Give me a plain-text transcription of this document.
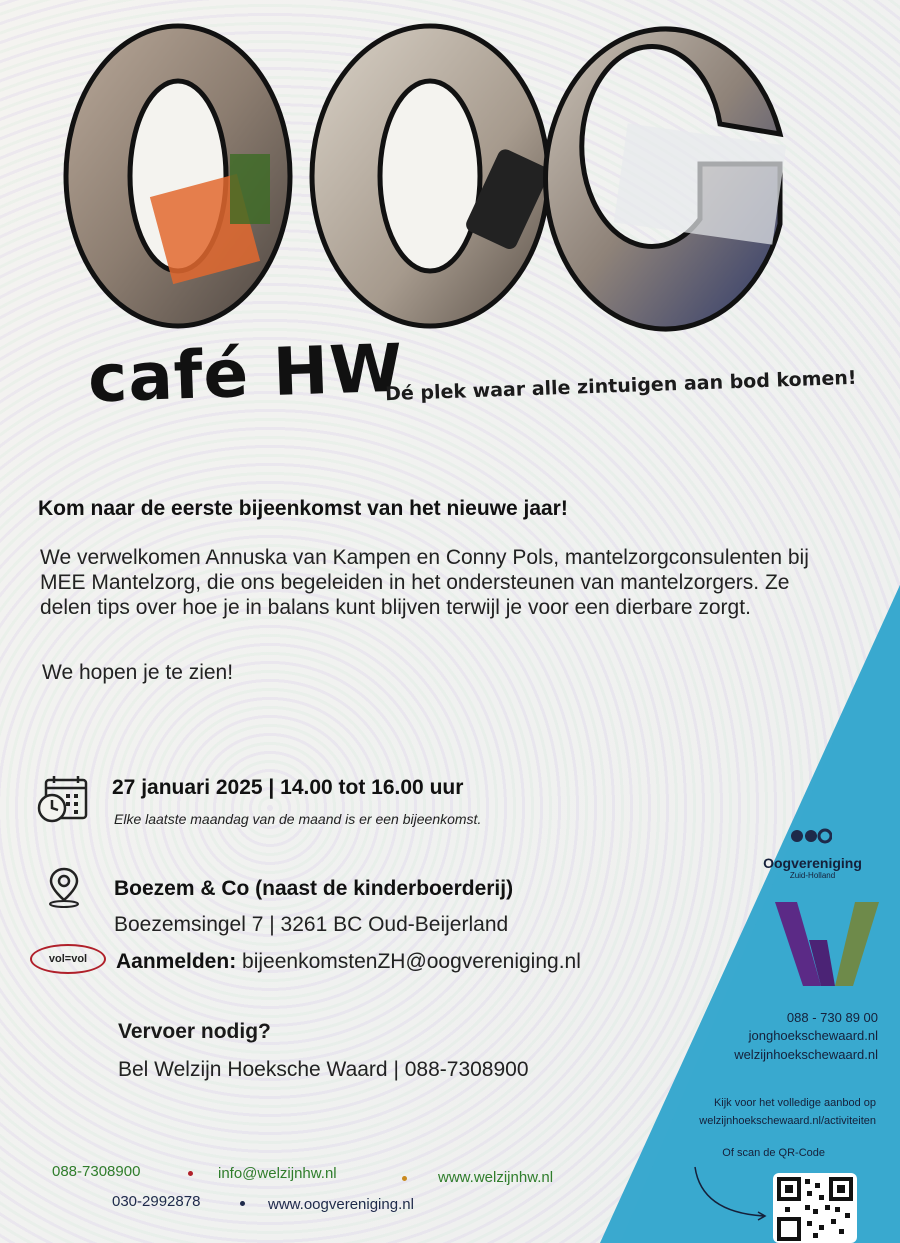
café HW
Dé plek waar alle zintuigen aan bod komen!
Kom naar de eerste bijeenkomst van het nieuwe jaar!
We verwelkomen Annuska van Kampen en Conny Pols, mantelzorgconsulenten bij MEE Mantelzorg, die ons begeleiden in het ondersteunen van mantelzorgers. Ze delen tips over hoe je in balans kunt blijven terwijl je voor een dierbare zorgt.
We hopen je te zien!
27 januari 2025 | 14.00 tot 16.00 uur
Elke laatste maandag van de maand is er een bijeenkomst.
Boezem & Co (naast de kinderboerderij)
Boezemsingel 7 | 3261 BC Oud-Beijerland
vol=vol	Aanmelden: bijeenkomstenZH@oogvereniging.nl
Vervoer nodig?
Bel Welzijn Hoeksche Waard | 088-7308900
Oogvereniging
Zuid-Holland
088 - 730 89 00
jonghoekschewaard.nl
welzijnhoekschewaard.nl
Kijk voor het volledige aanbod op
welzijnhoekschewaard.nl/activiteiten
Of scan de QR-Code
088-7308900	info@welzijnhw.nl	www.welzijnhw.nl
030-2992878	www.oogvereniging.nl
